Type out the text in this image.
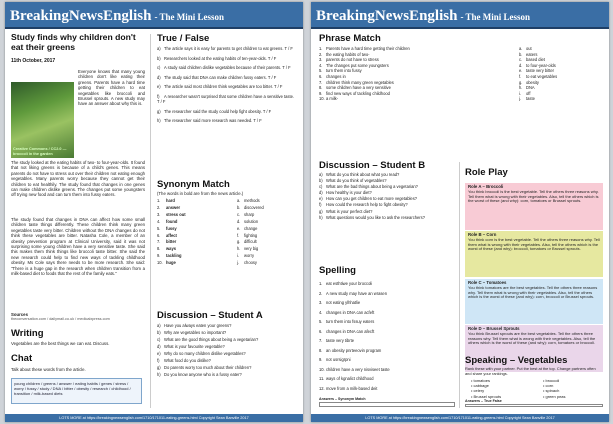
BreakingNewsEnglish - The Mini Lesson
Study finds why children don't eat their greens
11th October, 2017
Creative Commons / CC2.0 — broccoli in the garden
Everyone knows that many young children don't like eating their greens. Parents have a hard time getting their children to eat vegetables like broccoli and Brussel sprouts. A new study may have an answer about why this is.
The study looked at the eating habits of two- to four-year-olds. It found that not liking greens is because of a child's genes. This means parents do not have to stress out over their children not eating enough vegetables. Many parents worry because they cannot get their children to eat healthily. The study found that changes in one genes can make children dislike greens. The changes put some youngsters off trying new food and can turn them into fussy eaters.
The study found that changes in DNA can affect how some small children taste things differently. These children think many green vegetables taste very bitter. Children without the DNA changes do not think these vegetables are bitter. Natasha Cole, a member of an obesity prevention program at Clinical University, said it was not surprising some young children have a very sensitive taste. She said this makes them think things like broccoli taste bitter. She said the new research could help to find new ways of tackling childhood obesity. Ms Cole says there needs to be more research. She said: "There is a huge gap in the research when children transition from a milk-based diet to foods that the rest of the family eats."
Sources
theconversation.com / dailymail.co.uk / medicalxpress.com
Writing
Vegetables are the best things we can eat. Discuss.
Chat
Talk about these words from the article.
young children / greens / answer / eating habits / genes / stress / worry / fussy / study / DNA / bitter / obesity / research / childhood / transition / milk-based diets
True / False
a) The article says it is easy for parents to get children to eat greens. T / F
b) Researchers looked at the eating habits of ten-year-olds. T / F
c) A study said children dislike vegetables because of their parents. T / F
d) The study said that DNA can make children fussy eaters. T / F
e) The article said most children think vegetables are too bitter. T / F
f) A researcher wasn't surprised that some children have a sensitive taste. T / F
g) The researcher said the study could help fight obesity. T / F
h) The researcher said more research was needed. T / F
Synonym Match
(The words in bold are from the news article.)
1. hard
2. answer
3. stress out
4. found
5. fussy
6. affect
7. bitter
8. ways
9. tackling
10. huge
a. methods
b. discovered
c. sharp
d. solution
e. change
f. fighting
g. difficult
h. very big
i. worry
j. choosy
Discussion – Student A
a) Have you always eaten your greens?
b) Why are vegetables so important?
c) What are the good things about being a vegetarian?
d) What is your favourite vegetable?
e) Why do so many children dislike vegetables?
f) What food do you dislike?
g) Do parents worry too much about their children?
h) Do you know anyone who is a fussy eater?
LOTS MORE at https://breakingnewsenglish.com/1710/171011-eating-greens.html Copyright Sean Banville 2017
BreakingNewsEnglish - The Mini Lesson
Phrase Match
1. Parents have a hard time getting their children
2. the eating habits of two-
3. parents do not have to stress
4. The changes put some youngsters
5. turn them into fussy
6. changes in
7. children think many green vegetables
8. some children have a very sensitive
9. find new ways of tackling childhood
10.a milk-
a. out
b. eaters
c. based diet
d. to four-year-olds
e. taste very bitter
f. to eat vegetables
g. obesity
h. DNA
i. off
j. taste
Discussion – Student B
a) What do you think about what you read?
b) What do you think of vegetables?
c) What are the bad things about being a vegetarian?
d) How healthy is your diet?
e) How can you get children to eat more vegetables?
f) How could the research help to fight obesity?
g) What is your perfect diet?
h) What questions would you like to ask the researchers?
Spelling
1. eat esthtiwe your broccoli
2. A new study may have an wrasen
3. not eating ylhhatlie
4. changes in DNA can acfeft
5. turn them into fssuy eaters
6. changes in DNA can afecft
7. taste very tibrte
8. an obesity pnrteeovin program
9. not usrsigrpni
10.children have a very nisviseet taste
11. ways of kgnalict childhood
12.move from a milk-based deit
Answers – Synonym Match
Role Play
Role A – Broccoli
You think broccoli is the best vegetable. Tell the others three reasons why. Tell them what is wrong with their vegetables. Also, tell the others which is the worst of these (and why): corn, tomatoes or Brussel sprouts.
Role B – Corn
You think corn is the best vegetable. Tell the others three reasons why. Tell them what is wrong with their vegetables. Also, tell the others which is the worst of these (and why): broccoli, tomatoes or Brussel sprouts.
Role C – Tomatoes
You think tomatoes are the best vegetables. Tell the others three reasons why. Tell them what is wrong with their vegetables. Also, tell the others which is the worst of these (and why): corn, broccoli or Brussel sprouts.
Role D – Brussel Sprouts
You think Brussel sprouts are the best vegetables. Tell the others three reasons why. Tell them what is wrong with their vegetables. Also, tell the others which is the worst of these (and why): corn, tomatoes or broccoli.
Speaking – Vegetables
Rank these with your partner. Put the best at the top. Change partners often and share your rankings.
• tomatoes
• cabbage
• celery
• Brussel sprouts
• broccoli
• corn
• spinach
• green peas
Answers – True False
LOTS MORE at https://breakingnewsenglish.com/1710/171011-eating-greens.html Copyright Sean Banville 2017
